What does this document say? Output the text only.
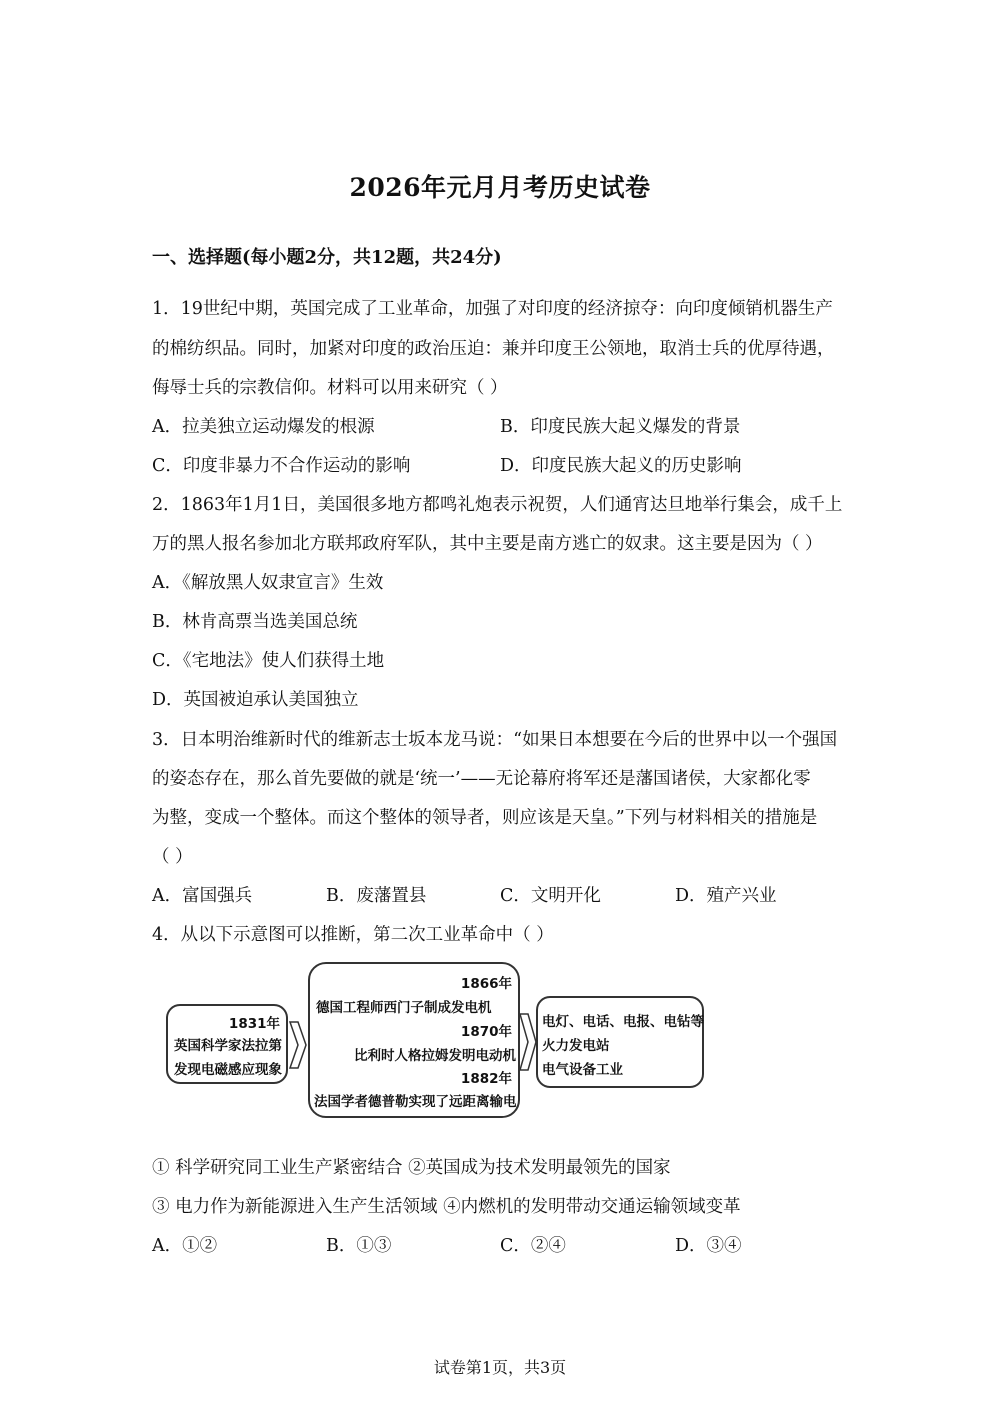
2026年元月月考历史试卷
一、选择题(每小题2分，共12题，共24分)
1．19世纪中期，英国完成了工业革命，加强了对印度的经济掠夺：向印度倾销机器生产
的棉纺织品。同时，加紧对印度的政治压迫：兼并印度王公领地，取消士兵的优厚待遇，
侮辱士兵的宗教信仰。材料可以用来研究（ ）
A．拉美独立运动爆发的根源	B．印度民族大起义爆发的背景
C．印度非暴力不合作运动的影响	D．印度民族大起义的历史影响
2．1863年1月1日，美国很多地方都鸣礼炮表示祝贺，人们通宵达旦地举行集会，成千上
万的黑人报名参加北方联邦政府军队，其中主要是南方逃亡的奴隶。这主要是因为（ ）
A．《解放黑人奴隶宣言》生效
B．林肯高票当选美国总统
C．《宅地法》使人们获得土地
D．英国被迫承认美国独立
3．日本明治维新时代的维新志士坂本龙马说：“如果日本想要在今后的世界中以一个强国
的姿态存在，那么首先要做的就是‘统一’——无论幕府将军还是藩国诸侯，大家都化零
为整，变成一个整体。而这个整体的领导者，则应该是天皇。”下列与材料相关的措施是
（ ）
A．富国强兵	B．废藩置县	C．文明开化	D．殖产兴业
4．从以下示意图可以推断，第二次工业革命中（ ）
1831年
英国科学家法拉第
发现电磁感应现象
1866年
德国工程师西门子制成发电机
1870年
比利时人格拉姆发明电动机
1882年
法国学者德普勒实现了远距离输电
电灯、电话、电报、电钻等
火力发电站
电气设备工业
① 科学研究同工业生产紧密结合 ②英国成为技术发明最领先的国家
③ 电力作为新能源进入生产生活领域 ④内燃机的发明带动交通运输领域变革
A．①②	B．①③	C．②④	D．③④
试卷第1页，共3页
